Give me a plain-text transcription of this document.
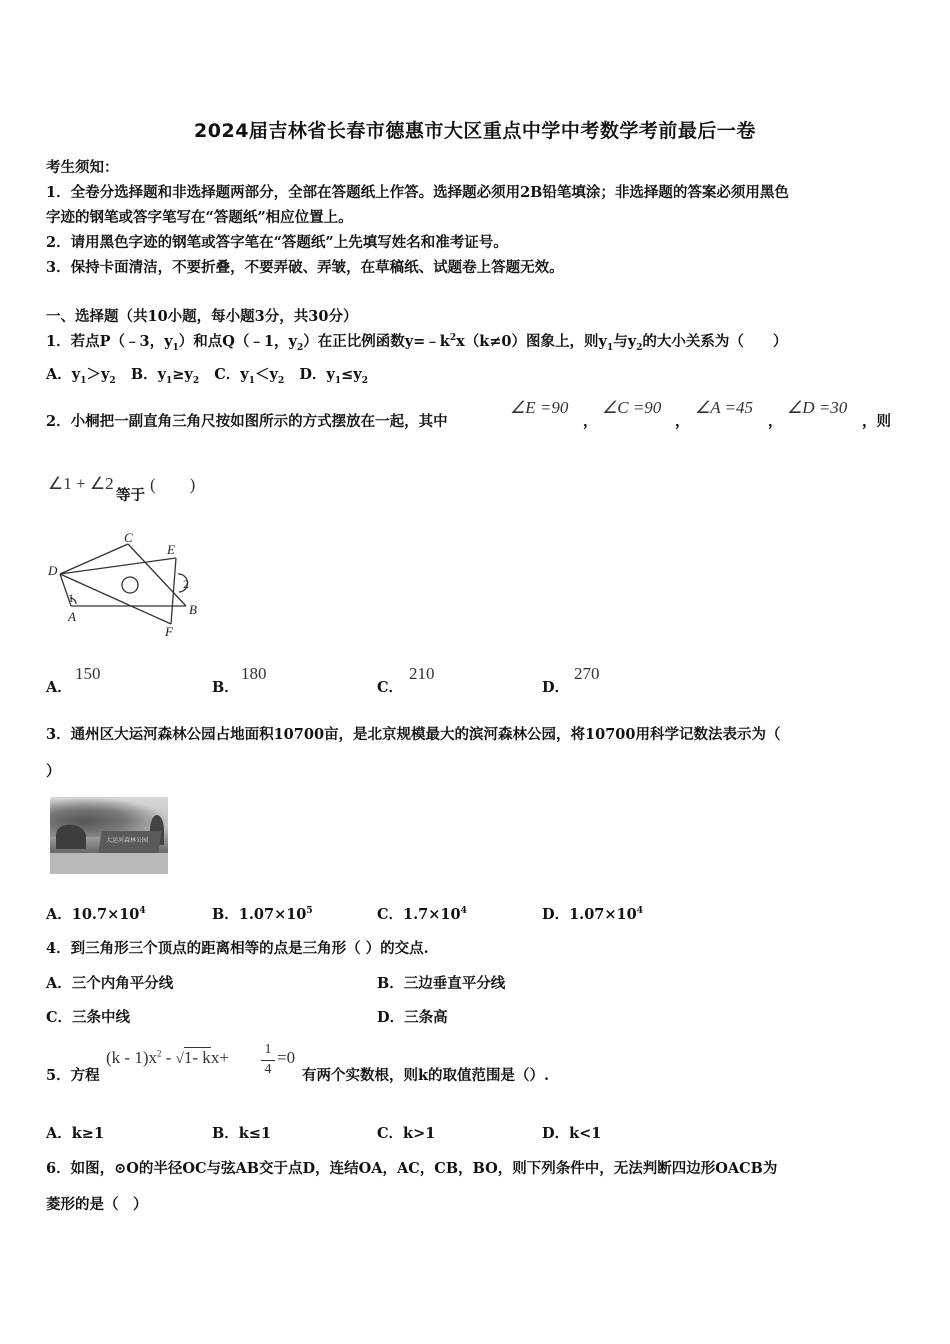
2024届吉林省长春市德惠市大区重点中学中考数学考前最后一卷
考生须知：
1．全卷分选择题和非选择题两部分，全部在答题纸上作答。选择题必须用2B铅笔填涂；非选择题的答案必须用黑色
字迹的钢笔或答字笔写在“答题纸”相应位置上。
2．请用黑色字迹的钢笔或答字笔在“答题纸”上先填写姓名和准考证号。
3．保持卡面清洁，不要折叠，不要弄破、弄皱，在草稿纸、试题卷上答题无效。
一、选择题（共10小题，每小题3分，共30分）
1．若点P（﹣3，$y_1$）和点Q（﹣1，$y_2$）在正比例函数$y=﹣k^2x(k\ne 0)$图象上，则$y_1$与$y_2$的大小关系为（　　）
A．$y_1>y_2$ B．$y_1\ge y_2$ C．$y_1<y_2$ D．$y_1\le y_2$
2．小桐把一副直角三角尺按如图所示的方式摆放在一起，其中
∠E =90
，
∠C =90
，
∠A =45
，
∠D =30
，则
∠1 + ∠2
等于
(　　)
C
E
D
B
A
F
1
2
A．
150
B．
180
C．
210
D．
270
3．通州区大运河森林公园占地面积10700亩，是北京规模最大的滨河森林公园，将10700用科学记数法表示为（
）
大运河森林公园
A．$10.7\times 10^4$	B．$1.07\times 10^5$	C．$1.7\times 10^4$	D．$1.07\times 10^4$
4．到三角形三个顶点的距离相等的点是三角形（ ）的交点.
A．三个内角平分线	B．三边垂直平分线
C．三条中线	D．三条高
5．方程
$(k - 1)x^2 - √1-$ kx+	1
4
=0
有两个实数根，则k的取值范围是（）.
A．k≥1	B．k≤1	C．k>1	D．k<1
6．如图，⊙O的半径OC与弦AB交于点D，连结OA，AC，CB，BO，则下列条件中，无法判断四边形OACB为
菱形的是（　）
